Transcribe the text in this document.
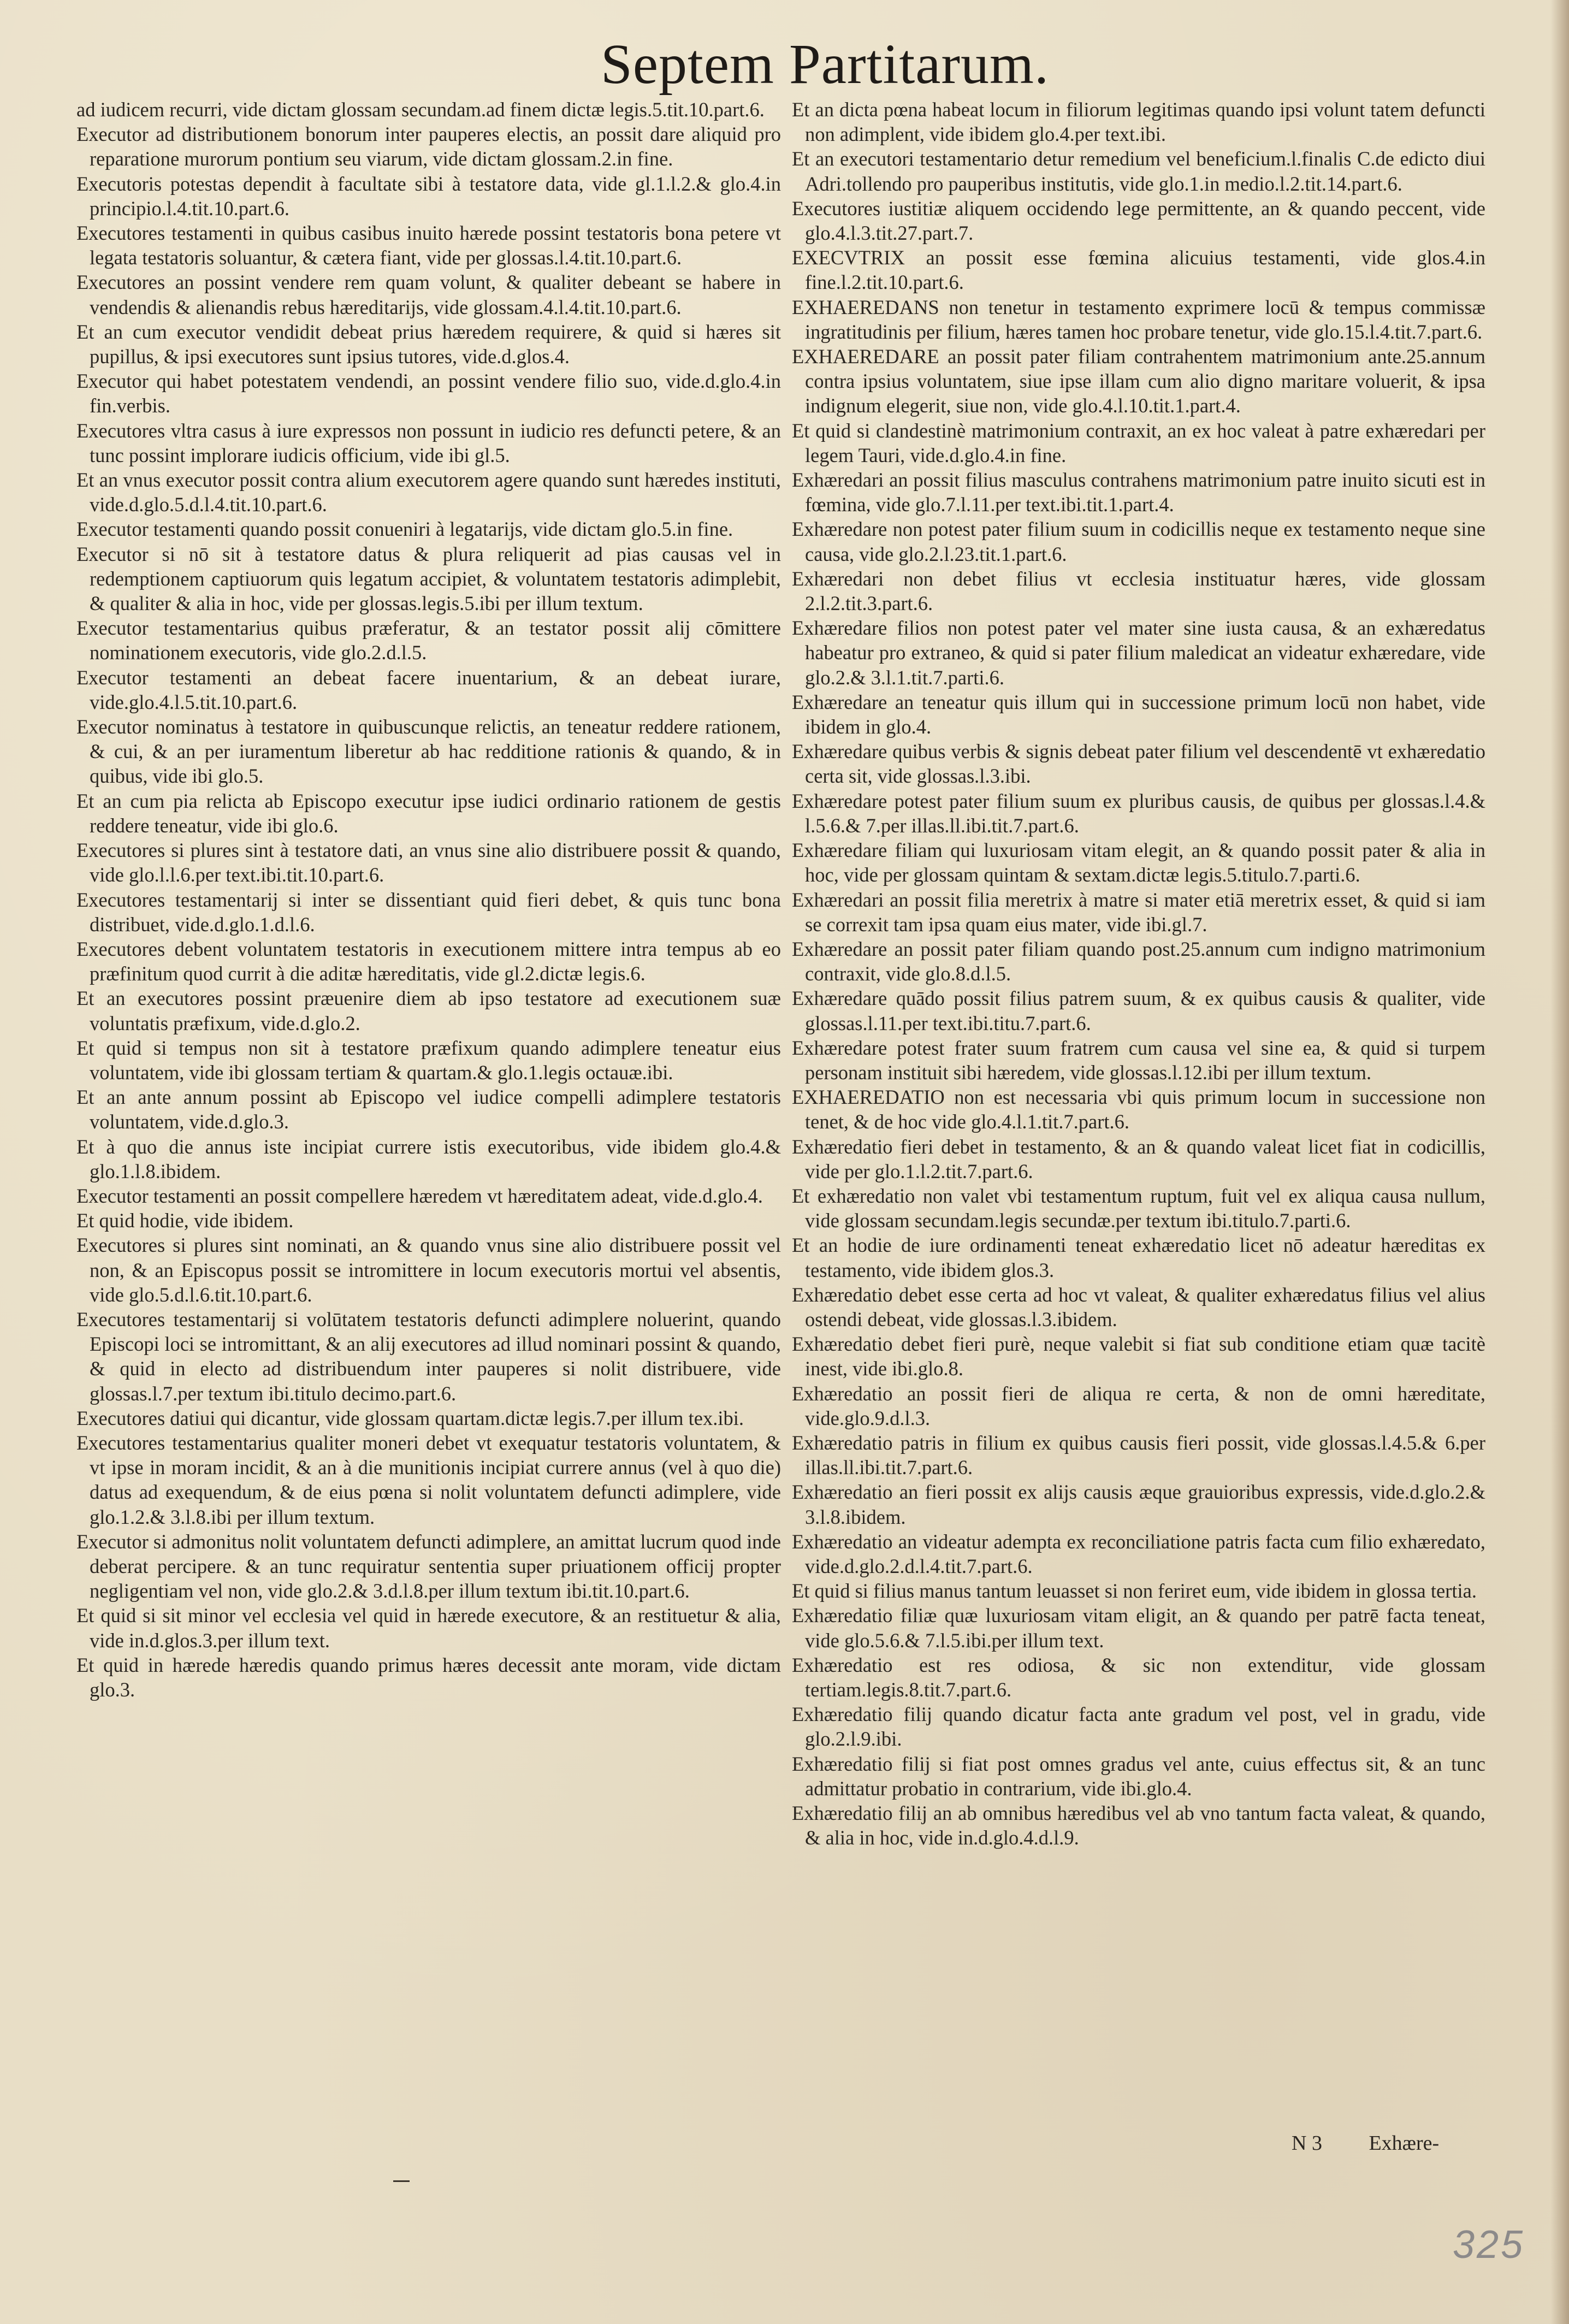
Septem Partitarum.

ad iudicem recurri, vide dictam glossam secundam.ad finem dictæ legis.5.tit.10.part.6.

Executor ad distributionem bonorum inter pauperes electis, an possit dare aliquid pro reparatione murorum pontium seu viarum, vide dictam glossam.2.in fine.

Executoris potestas dependit à facultate sibi à testatore data, vide gl.1.l.2.& glo.4.in principio.l.4.tit.10.part.6.

Executores testamenti in quibus casibus inuito hærede possint testatoris bona petere vt legata testatoris soluantur, & cætera fiant, vide per glossas.l.4.tit.10.part.6.

Executores an possint vendere rem quam volunt, & qualiter debeant se habere in vendendis & alienandis rebus hæreditarijs, vide glossam.4.l.4.tit.10.part.6.

Et an cum executor vendidit debeat prius hæredem requirere, & quid si hæres sit pupillus, & ipsi executores sunt ipsius tutores, vide.d.glos.4.

Executor qui habet potestatem vendendi, an possint vendere filio suo, vide.d.glo.4.in fin.verbis.

Executores vltra casus à iure expressos non possunt in iudicio res defuncti petere, & an tunc possint implorare iudicis officium, vide ibi gl.5.

Et an vnus executor possit contra alium executorem agere quando sunt hæredes instituti, vide.d.glo.5.d.l.4.tit.10.part.6.

Executor testamenti quando possit conueniri à legatarijs, vide dictam glo.5.in fine.

Executor si nō sit à testatore datus & plura reliquerit ad pias causas vel in redemptionem captiuorum quis legatum accipiet, & voluntatem testatoris adimplebit, & qualiter & alia in hoc, vide per glossas.legis.5.ibi per illum textum.

Executor testamentarius quibus præferatur, & an testator possit alij cōmittere nominationem executoris, vide glo.2.d.l.5.

Executor testamenti an debeat facere inuentarium, & an debeat iurare, vide.glo.4.l.5.tit.10.part.6.

Executor nominatus à testatore in quibuscunque relictis, an teneatur reddere rationem, & cui, & an per iuramentum liberetur ab hac redditione rationis & quando, & in quibus, vide ibi glo.5.

Et an cum pia relicta ab Episcopo executur ipse iudici ordinario rationem de gestis reddere teneatur, vide ibi glo.6.

Executores si plures sint à testatore dati, an vnus sine alio distribuere possit & quando, vide glo.l.l.6.per text.ibi.tit.10.part.6.

Executores testamentarij si inter se dissentiant quid fieri debet, & quis tunc bona distribuet, vide.d.glo.1.d.l.6.

Executores debent voluntatem testatoris in executionem mittere intra tempus ab eo præfinitum quod currit à die aditæ hæreditatis, vide gl.2.dictæ legis.6.

Et an executores possint præuenire diem ab ipso testatore ad executionem suæ voluntatis præfixum, vide.d.glo.2.

Et quid si tempus non sit à testatore præfixum quando adimplere teneatur eius voluntatem, vide ibi glossam tertiam & quartam.& glo.1.legis octauæ.ibi.

Et an ante annum possint ab Episcopo vel iudice compelli adimplere testatoris voluntatem, vide.d.glo.3.

Et à quo die annus iste incipiat currere istis executoribus, vide ibidem glo.4.& glo.1.l.8.ibidem.

Executor testamenti an possit compellere hæredem vt hæreditatem adeat, vide.d.glo.4.

Et quid hodie, vide ibidem.

Executores si plures sint nominati, an & quando vnus sine alio distribuere possit vel non, & an Episcopus possit se intromittere in locum executoris mortui vel absentis, vide glo.5.d.l.6.tit.10.part.6.

Executores testamentarij si volūtatem testatoris defuncti adimplere noluerint, quando Episcopi loci se intromittant, & an alij executores ad illud nominari possint & quando, & quid in electo ad distribuendum inter pauperes si nolit distribuere, vide glossas.l.7.per textum ibi.titulo decimo.part.6.

Executores datiui qui dicantur, vide glossam quartam.dictæ legis.7.per illum tex.ibi.

Executores testamentarius qualiter moneri debet vt exequatur testatoris voluntatem, & vt ipse in moram incidit, & an à die munitionis incipiat currere annus (vel à quo die) datus ad exequendum, & de eius pœna si nolit voluntatem defuncti adimplere, vide glo.1.2.& 3.l.8.ibi per illum textum.

Executor si admonitus nolit voluntatem defuncti adimplere, an amittat lucrum quod inde deberat percipere. & an tunc requiratur sententia super priuationem officij propter negligentiam vel non, vide glo.2.& 3.d.l.8.per illum textum ibi.tit.10.part.6.

Et quid si sit minor vel ecclesia vel quid in hærede executore, & an restituetur & alia, vide in.d.glos.3.per illum text.

Et quid in hærede hæredis quando primus hæres decessit ante moram, vide dictam glo.3.

Et an dicta pœna habeat locum in filiorum legitimas quando ipsi volunt tatem defuncti non adimplent, vide ibidem glo.4.per text.ibi.

Et an executori testamentario detur remedium vel beneficium.l.finalis C.de edicto diui Adri.tollendo pro pauperibus institutis, vide glo.1.in medio.l.2.tit.14.part.6.

Executores iustitiæ aliquem occidendo lege permittente, an & quando peccent, vide glo.4.l.3.tit.27.part.7.

EXECVTRIX an possit esse fœmina alicuius testamenti, vide glos.4.in fine.l.2.tit.10.part.6.

EXHAEREDANS non tenetur in testamento exprimere locū & tempus commissæ ingratitudinis per filium, hæres tamen hoc probare tenetur, vide glo.15.l.4.tit.7.part.6.

EXHAEREDARE an possit pater filiam contrahentem matrimonium ante.25.annum contra ipsius voluntatem, siue ipse illam cum alio digno maritare voluerit, & ipsa indignum elegerit, siue non, vide glo.4.l.10.tit.1.part.4.

Et quid si clandestinè matrimonium contraxit, an ex hoc valeat à patre exhæredari per legem Tauri, vide.d.glo.4.in fine.

Exhæredari an possit filius masculus contrahens matrimonium patre inuito sicuti est in fœmina, vide glo.7.l.11.per text.ibi.tit.1.part.4.

Exhæredare non potest pater filium suum in codicillis neque ex testamento neque sine causa, vide glo.2.l.23.tit.1.part.6.

Exhæredari non debet filius vt ecclesia instituatur hæres, vide glossam 2.l.2.tit.3.part.6.

Exhæredare filios non potest pater vel mater sine iusta causa, & an exhæredatus habeatur pro extraneo, & quid si pater filium maledicat an videatur exhæredare, vide glo.2.& 3.l.1.tit.7.parti.6.

Exhæredare an teneatur quis illum qui in successione primum locū non habet, vide ibidem in glo.4.

Exhæredare quibus verbis & signis debeat pater filium vel descendentē vt exhæredatio certa sit, vide glossas.l.3.ibi.

Exhæredare potest pater filium suum ex pluribus causis, de quibus per glossas.l.4.& l.5.6.& 7.per illas.ll.ibi.tit.7.part.6.

Exhæredare filiam qui luxuriosam vitam elegit, an & quando possit pater & alia in hoc, vide per glossam quintam & sextam.dictæ legis.5.titulo.7.parti.6.

Exhæredari an possit filia meretrix à matre si mater etiā meretrix esset, & quid si iam se correxit tam ipsa quam eius mater, vide ibi.gl.7.

Exhæredare an possit pater filiam quando post.25.annum cum indigno matrimonium contraxit, vide glo.8.d.l.5.

Exhæredare quādo possit filius patrem suum, & ex quibus causis & qualiter, vide glossas.l.11.per text.ibi.titu.7.part.6.

Exhæredare potest frater suum fratrem cum causa vel sine ea, & quid si turpem personam instituit sibi hæredem, vide glossas.l.12.ibi per illum textum.

EXHAEREDATIO non est necessaria vbi quis primum locum in successione non tenet, & de hoc vide glo.4.l.1.tit.7.part.6.

Exhæredatio fieri debet in testamento, & an & quando valeat licet fiat in codicillis, vide per glo.1.l.2.tit.7.part.6.

Et exhæredatio non valet vbi testamentum ruptum, fuit vel ex aliqua causa nullum, vide glossam secundam.legis secundæ.per textum ibi.titulo.7.parti.6.

Et an hodie de iure ordinamenti teneat exhæredatio licet nō adeatur hæreditas ex testamento, vide ibidem glos.3.

Exhæredatio debet esse certa ad hoc vt valeat, & qualiter exhæredatus filius vel alius ostendi debeat, vide glossas.l.3.ibidem.

Exhæredatio debet fieri purè, neque valebit si fiat sub conditione etiam quæ tacitè inest, vide ibi.glo.8.

Exhæredatio an possit fieri de aliqua re certa, & non de omni hæreditate, vide.glo.9.d.l.3.

Exhæredatio patris in filium ex quibus causis fieri possit, vide glossas.l.4.5.& 6.per illas.ll.ibi.tit.7.part.6.

Exhæredatio an fieri possit ex alijs causis æque grauioribus expressis, vide.d.glo.2.& 3.l.8.ibidem.

Exhæredatio an videatur adempta ex reconciliatione patris facta cum filio exhæredato, vide.d.glo.2.d.l.4.tit.7.part.6.

Et quid si filius manus tantum leuasset si non feriret eum, vide ibidem in glossa tertia.

Exhæredatio filiæ quæ luxuriosam vitam eligit, an & quando per patrē facta teneat, vide glo.5.6.& 7.l.5.ibi.per illum text.

Exhæredatio est res odiosa, & sic non extenditur, vide glossam tertiam.legis.8.tit.7.part.6.

Exhæredatio filij quando dicatur facta ante gradum vel post, vel in gradu, vide glo.2.l.9.ibi.

Exhæredatio filij si fiat post omnes gradus vel ante, cuius effectus sit, & an tunc admittatur probatio in contrarium, vide ibi.glo.4.

Exhæredatio filij an ab omnibus hæredibus vel ab vno tantum facta valeat, & quando, & alia in hoc, vide in.d.glo.4.d.l.9.

N 3 Exhære-
325
